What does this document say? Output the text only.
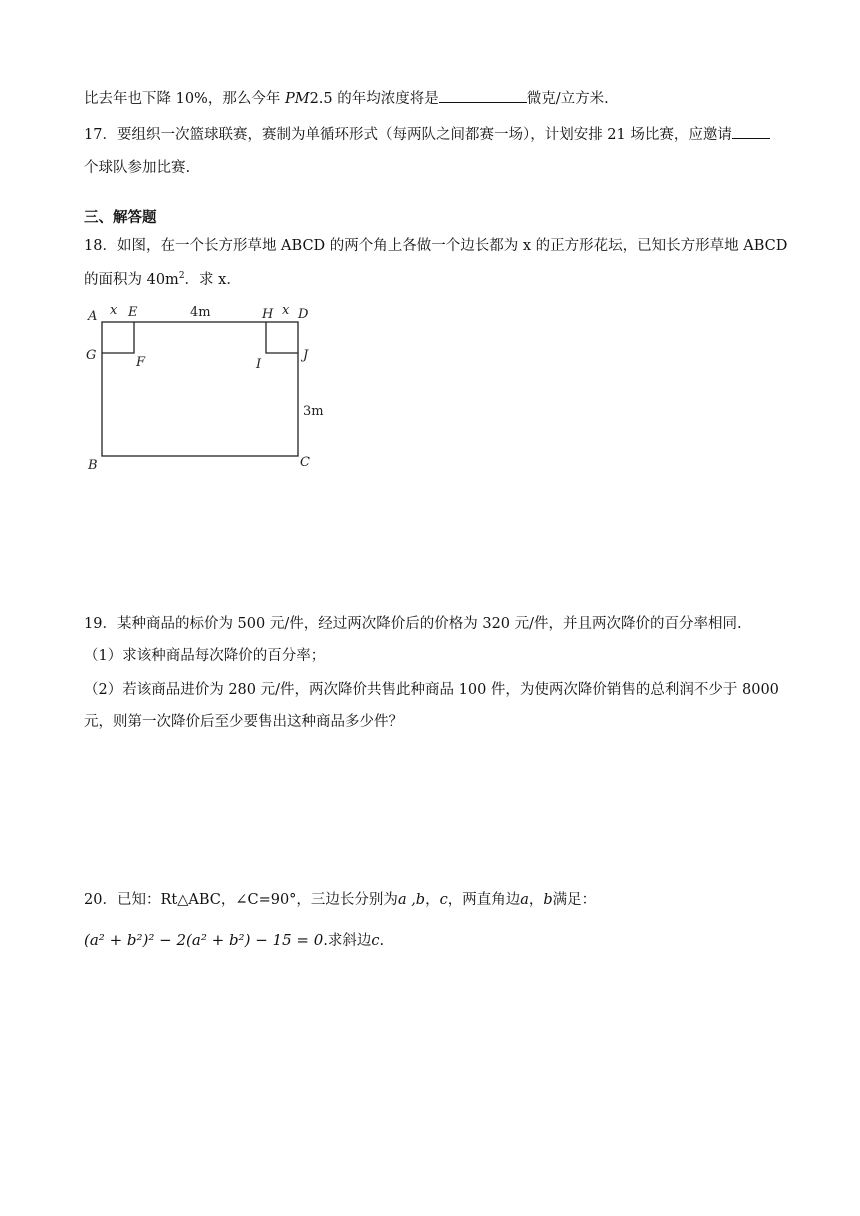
比去年也下降 10%，那么今年 PM2.5 的年均浓度将是	微克/立方米.
17．要组织一次篮球联赛，赛制为单循环形式（每两队之间都赛一场），计划安排 21 场比赛，应邀请
个球队参加比赛.
三、解答题
18．如图，在一个长方形草地 ABCD 的两个角上各做一个边长都为 x 的正方形花坛，已知长方形草地 ABCD
的面积为 $40m^2$．求 x．
A x E	4m	H x D
G	F	I
J
3m
B	C
19．某种商品的标价为 500 元/件，经过两次降价后的价格为 320 元/件，并且两次降价的百分率相同.
（1）求该种商品每次降价的百分率；
（2）若该商品进价为 280 元/件，两次降价共售此种商品 100 件，为使两次降价销售的总利润不少于 8000
元，则第一次降价后至少要售出这种商品多少件？
20．已知：Rt△ABC，∠C=90°，三边长分别为a ,b，c，两直角边a，b满足：
(a² + b²)² − 2(a² + b²) − 15 = 0.求斜边c.
